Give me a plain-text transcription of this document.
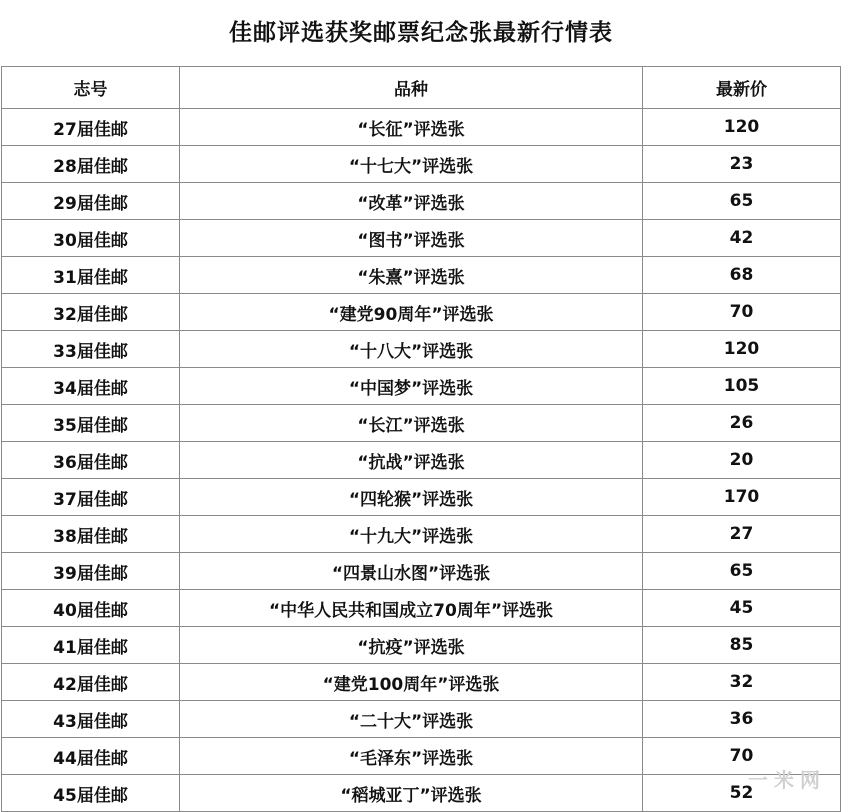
佳邮评选获奖邮票纪念张最新行情表
志号	品种	最新价
27届佳邮	“长征”评选张	120
28届佳邮	“十七大”评选张	23
29届佳邮	“改革”评选张	65
30届佳邮	“图书”评选张	42
31届佳邮	“朱熹”评选张	68
32届佳邮	“建党90周年”评选张	70
33届佳邮	“十八大”评选张	120
34届佳邮	“中国梦”评选张	105
35届佳邮	“长江”评选张	26
36届佳邮	“抗战”评选张	20
37届佳邮	“四轮猴”评选张	170
38届佳邮	“十九大”评选张	27
39届佳邮	“四景山水图”评选张	65
40届佳邮	“中华人民共和国成立70周年”评选张	45
41届佳邮	“抗疫”评选张	85
42届佳邮	“建党100周年”评选张	32
43届佳邮	“二十大”评选张	36
44届佳邮	“毛泽东”评选张	70
45届佳邮	“稻城亚丁”评选张	52
一米网
